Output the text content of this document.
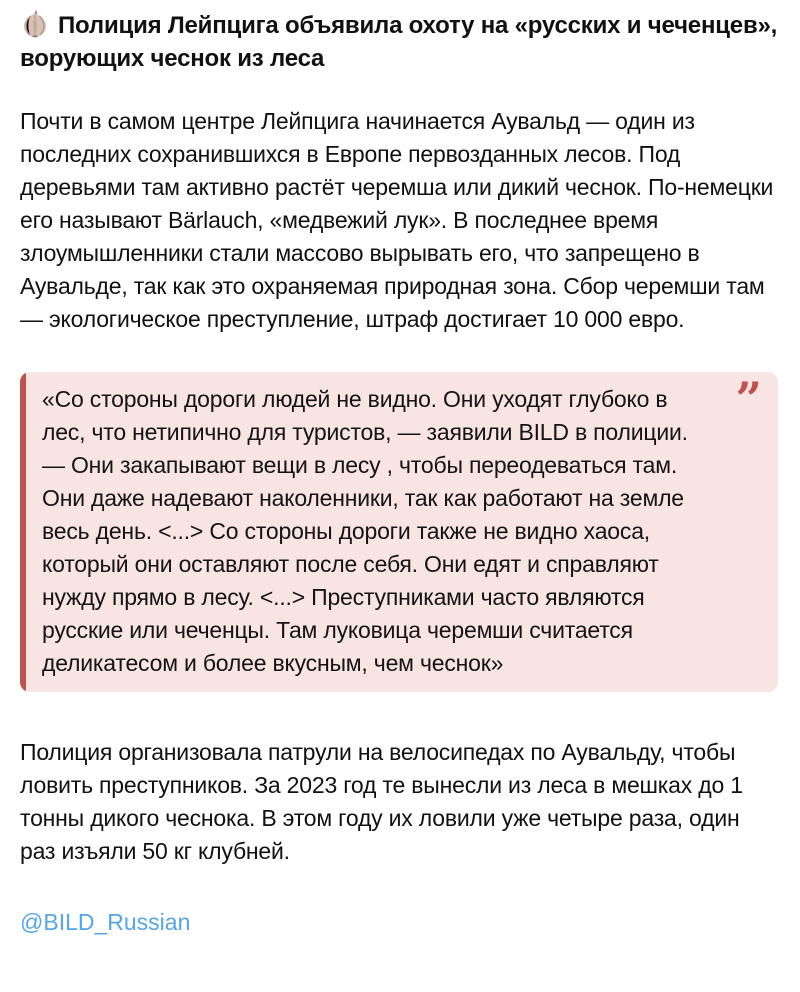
Полиция Лейпцига объявила охоту на «русских и чеченцев», ворующих чеснок из леса

Почти в самом центре Лейпцига начинается Аувальд — один из последних сохранившихся в Европе первозданных лесов. Под деревьями там активно растёт черемша или дикий чеснок. По-немецки его называют Bärlauch, «медвежий лук». В последнее время злоумышленники стали массово вырывать его, что запрещено в Аувальде, так как это охраняемая природная зона. Сбор черемши там — экологическое преступление, штраф достигает 10 000 евро.

”
«Со стороны дороги людей не видно. Они уходят глубоко в лес, что нетипично для туристов, — заявили BILD в полиции. — Они закапывают вещи в лесу , чтобы переодеваться там. Они даже надевают наколенники, так как работают на земле весь день. <...> Со стороны дороги также не видно хаоса, который они оставляют после себя. Они едят и справляют нужду прямо в лесу. <...> Преступниками часто являются русские или чеченцы. Там луковица черемши считается деликатесом и более вкусным, чем чеснок»

Полиция организовала патрули на велосипедах по Аувальду, чтобы ловить преступников. За 2023 год те вынесли из леса в мешках до 1 тонны дикого чеснока. В этом году их ловили уже четыре раза, один раз изъяли 50 кг клубней.

@BILD_Russian
